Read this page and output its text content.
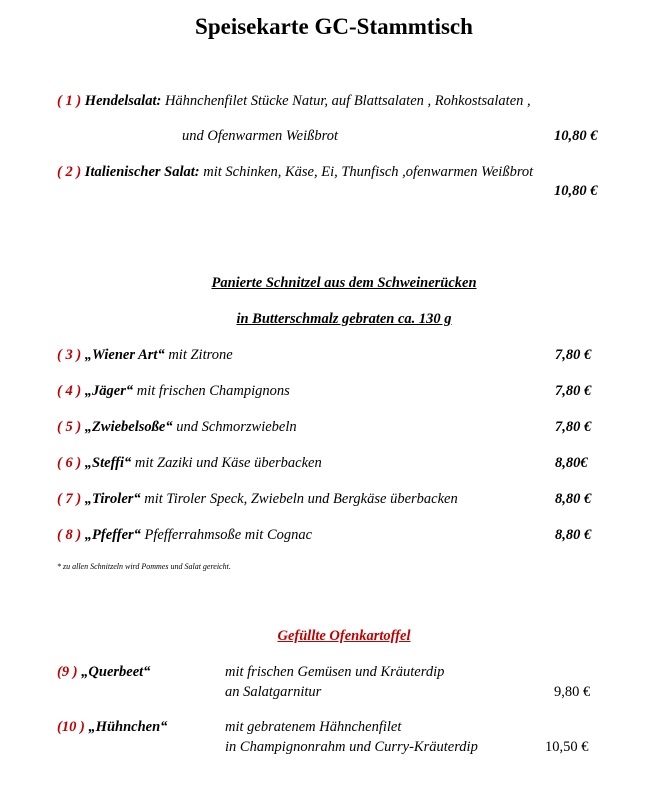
Speisekarte GC-Stammtisch
( 1 ) Hendelsalat: Hähnchenfilet Stücke Natur, auf Blattsalaten , Rohkostsalaten ,
und Ofenwarmen Weißbrot	10,80 €
( 2 ) Italienischer Salat: mit Schinken, Käse, Ei, Thunfisch ,ofenwarmen Weißbrot
10,80 €
Panierte Schnitzel aus dem Schweinerücken
in Butterschmalz gebraten ca. 130 g
( 3 ) „Wiener Art“ mit Zitrone	7,80 €
( 4 ) „Jäger“ mit frischen Champignons	7,80 €
( 5 ) „Zwiebelsoße“ und Schmorzwiebeln	7,80 €
( 6 ) „Steffi“ mit Zaziki und Käse überbacken	8,80€
( 7 ) „Tiroler“ mit Tiroler Speck, Zwiebeln und Bergkäse überbacken	8,80 €
( 8 ) „Pfeffer“ Pfefferrahmsoße mit Cognac	8,80 €
* zu allen Schnitzeln wird Pommes und Salat gereicht.
Gefüllte Ofenkartoffel
(9 ) „Querbeet“	mit frischen Gemüsen und Kräuterdip
an Salatgarnitur	9,80 €
(10 ) „Hühnchen“	mit gebratenem Hähnchenfilet
in Champignonrahm und Curry-Kräuterdip	10,50 €
